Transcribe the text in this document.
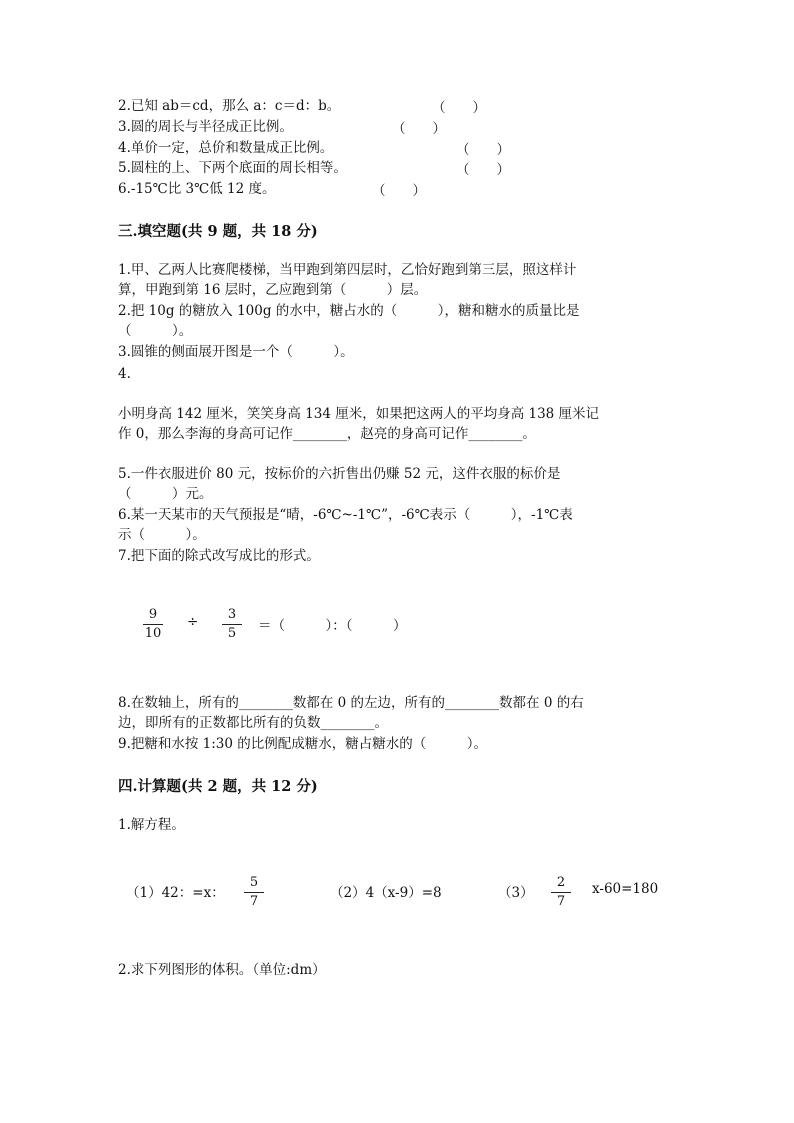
2.已知 ab＝cd，那么 a：c＝d：b。	（　　）
3.圆的周长与半径成正比例。	（　　）
4.单价一定，总价和数量成正比例。	（　　）
5.圆柱的上、下两个底面的周长相等。	（　　）
6.-15℃比 3℃低 12 度。	（　　）
三.填空题(共 9 题，共 18 分)
1.甲、乙两人比赛爬楼梯，当甲跑到第四层时，乙恰好跑到第三层，照这样计
算，甲跑到第 16 层时，乙应跑到第（　　　）层。
2.把 10g 的糖放入 100g 的水中，糖占水的（　　　），糖和糖水的质量比是
（　　　）。
3.圆锥的侧面展开图是一个（　　　）。
4.
小明身高 142 厘米，笑笑身高 134 厘米，如果把这两人的平均身高 138 厘米记
作 0，那么李海的身高可记作________，赵亮的身高可记作________。
5.一件衣服进价 80 元，按标价的六折售出仍赚 52 元，这件衣服的标价是
（　　　）元。
6.某一天某市的天气预报是“晴，-6℃~-1℃”，-6℃表示（　　　），-1℃表
示（　　　）。
7.把下面的除式改写成比的形式。
9
10
÷	3
5	＝（　　　）：（　　　）
8.在数轴上，所有的________数都在 0 的左边，所有的________数都在 0 的右
边，即所有的正数都比所有的负数________。
9.把糖和水按 1:30 的比例配成糖水，糖占糖水的（　　　）。
四.计算题(共 2 题，共 12 分)
1.解方程。
（1）42：=x：
5
7
（2）4（x-9）=8	（3）
2
7
x-60=180
2.求下列图形的体积。（单位:dm）
